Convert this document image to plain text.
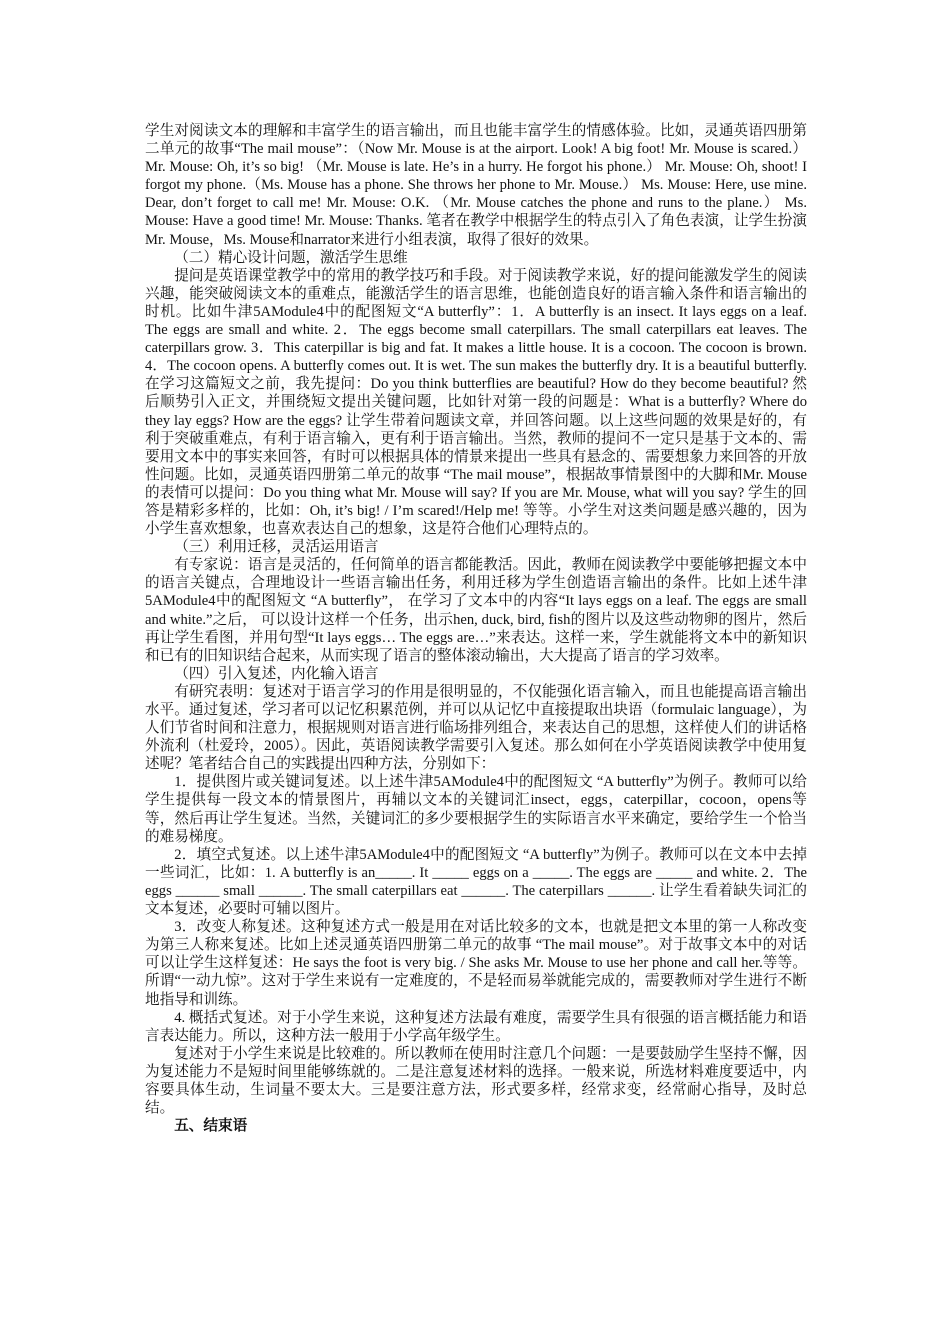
学生对阅读文本的理解和丰富学生的语言输出，而且也能丰富学生的情感体验。比如，灵通英语四册第二单元的故事“The mail mouse”：（Now Mr. Mouse is at the airport. Look! A big foot! Mr. Mouse is scared.） Mr. Mouse: Oh, it’s so big! （Mr. Mouse is late. He’s in a hurry. He forgot his phone.） Mr. Mouse: Oh, shoot! I forgot my phone.（Ms. Mouse has a phone. She throws her phone to Mr. Mouse.） Ms. Mouse: Here, use mine. Dear, don’t forget to call me! Mr. Mouse: O.K. （Mr. Mouse catches the phone and runs to the plane.） Ms. Mouse: Have a good time! Mr. Mouse: Thanks. 笔者在教学中根据学生的特点引入了角色表演，让学生扮演Mr. Mouse，Ms. Mouse和narrator来进行小组表演，取得了很好的效果。

（二）精心设计问题，激活学生思维

提问是英语课堂教学中的常用的教学技巧和手段。对于阅读教学来说，好的提问能激发学生的阅读兴趣，能突破阅读文本的重难点，能激活学生的语言思维，也能创造良好的语言输入条件和语言输出的时机。比如牛津5AModule4中的配图短文“A butterfly”：1．A butterfly is an insect. It lays eggs on a leaf. The eggs are small and white. 2．The eggs become small caterpillars. The small caterpillars eat leaves. The caterpillars grow. 3．This caterpillar is big and fat. It makes a little house. It is a cocoon. The cocoon is brown. 4．The cocoon opens. A butterfly comes out. It is wet. The sun makes the butterfly dry. It is a beautiful butterfly. 在学习这篇短文之前，我先提问：Do you think butterflies are beautiful? How do they become beautiful? 然后顺势引入正文，并围绕短文提出关键问题，比如针对第一段的问题是：What is a butterfly? Where do they lay eggs? How are the eggs? 让学生带着问题读文章，并回答问题。以上这些问题的效果是好的，有利于突破重难点，有利于语言输入，更有利于语言输出。当然，教师的提问不一定只是基于文本的、需要用文本中的事实来回答，有时可以根据具体的情景来提出一些具有悬念的、需要想象力来回答的开放性问题。比如，灵通英语四册第二单元的故事 “The mail mouse”，根据故事情景图中的大脚和Mr. Mouse的表情可以提问：Do you thing what Mr. Mouse will say? If you are Mr. Mouse, what will you say? 学生的回答是精彩多样的，比如：Oh, it’s big! / I’m scared!/Help me! 等等。小学生对这类问题是感兴趣的，因为小学生喜欢想象，也喜欢表达自己的想象，这是符合他们心理特点的。

（三）利用迁移，灵活运用语言

有专家说：语言是灵活的，任何简单的语言都能教活。因此，教师在阅读教学中要能够把握文本中的语言关键点，合理地设计一些语言输出任务，利用迁移为学生创造语言输出的条件。比如上述牛津5AModule4中的配图短文 “A butterfly”， 在学习了文本中的内容“It lays eggs on a leaf. The eggs are small and white.”之后， 可以设计这样一个任务，出示hen, duck, bird, fish的图片以及这些动物卵的图片，然后再让学生看图，并用句型“It lays eggs… The eggs are…”来表达。这样一来，学生就能将文本中的新知识和已有的旧知识结合起来，从而实现了语言的整体滚动输出，大大提高了语言的学习效率。

（四）引入复述，内化输入语言

有研究表明：复述对于语言学习的作用是很明显的，不仅能强化语言输入，而且也能提高语言输出水平。通过复述，学习者可以记忆积累范例，并可以从记忆中直接提取出块语（formulaic language），为人们节省时间和注意力，根据规则对语言进行临场排列组合，来表达自己的思想，这样使人们的讲话格外流利（杜爱玲，2005）。因此，英语阅读教学需要引入复述。那么如何在小学英语阅读教学中使用复述呢？笔者结合自己的实践提出四种方法，分别如下：

1．提供图片或关键词复述。以上述牛津5AModule4中的配图短文 “A butterfly”为例子。教师可以给学生提供每一段文本的情景图片，再辅以文本的关键词汇insect，eggs，caterpillar，cocoon，opens等等，然后再让学生复述。当然，关键词汇的多少要根据学生的实际语言水平来确定，要给学生一个恰当的难易梯度。

2．填空式复述。以上述牛津5AModule4中的配图短文 “A butterfly”为例子。教师可以在文本中去掉一些词汇，比如：1. A butterfly is an_____. It _____ eggs on a _____. The eggs are _____ and white. 2．The eggs ______ small ______. The small caterpillars eat ______. The caterpillars ______. 让学生看着缺失词汇的文本复述，必要时可辅以图片。

3．改变人称复述。这种复述方式一般是用在对话比较多的文本，也就是把文本里的第一人称改变为第三人称来复述。比如上述灵通英语四册第二单元的故事 “The mail mouse”。对于故事文本中的对话可以让学生这样复述：He says the foot is very big. / She asks Mr. Mouse to use her phone and call her.等等。 所谓“一动九惊”。这对于学生来说有一定难度的，不是轻而易举就能完成的，需要教师对学生进行不断地指导和训练。

4. 概括式复述。对于小学生来说，这种复述方法最有难度，需要学生具有很强的语言概括能力和语言表达能力。所以，这种方法一般用于小学高年级学生。

复述对于小学生来说是比较难的。所以教师在使用时注意几个问题：一是要鼓励学生坚持不懈，因为复述能力不是短时间里能够练就的。二是注意复述材料的选择。一般来说，所选材料难度要适中，内容要具体生动，生词量不要太大。三是要注意方法，形式要多样，经常求变，经常耐心指导，及时总结。

五、结束语
